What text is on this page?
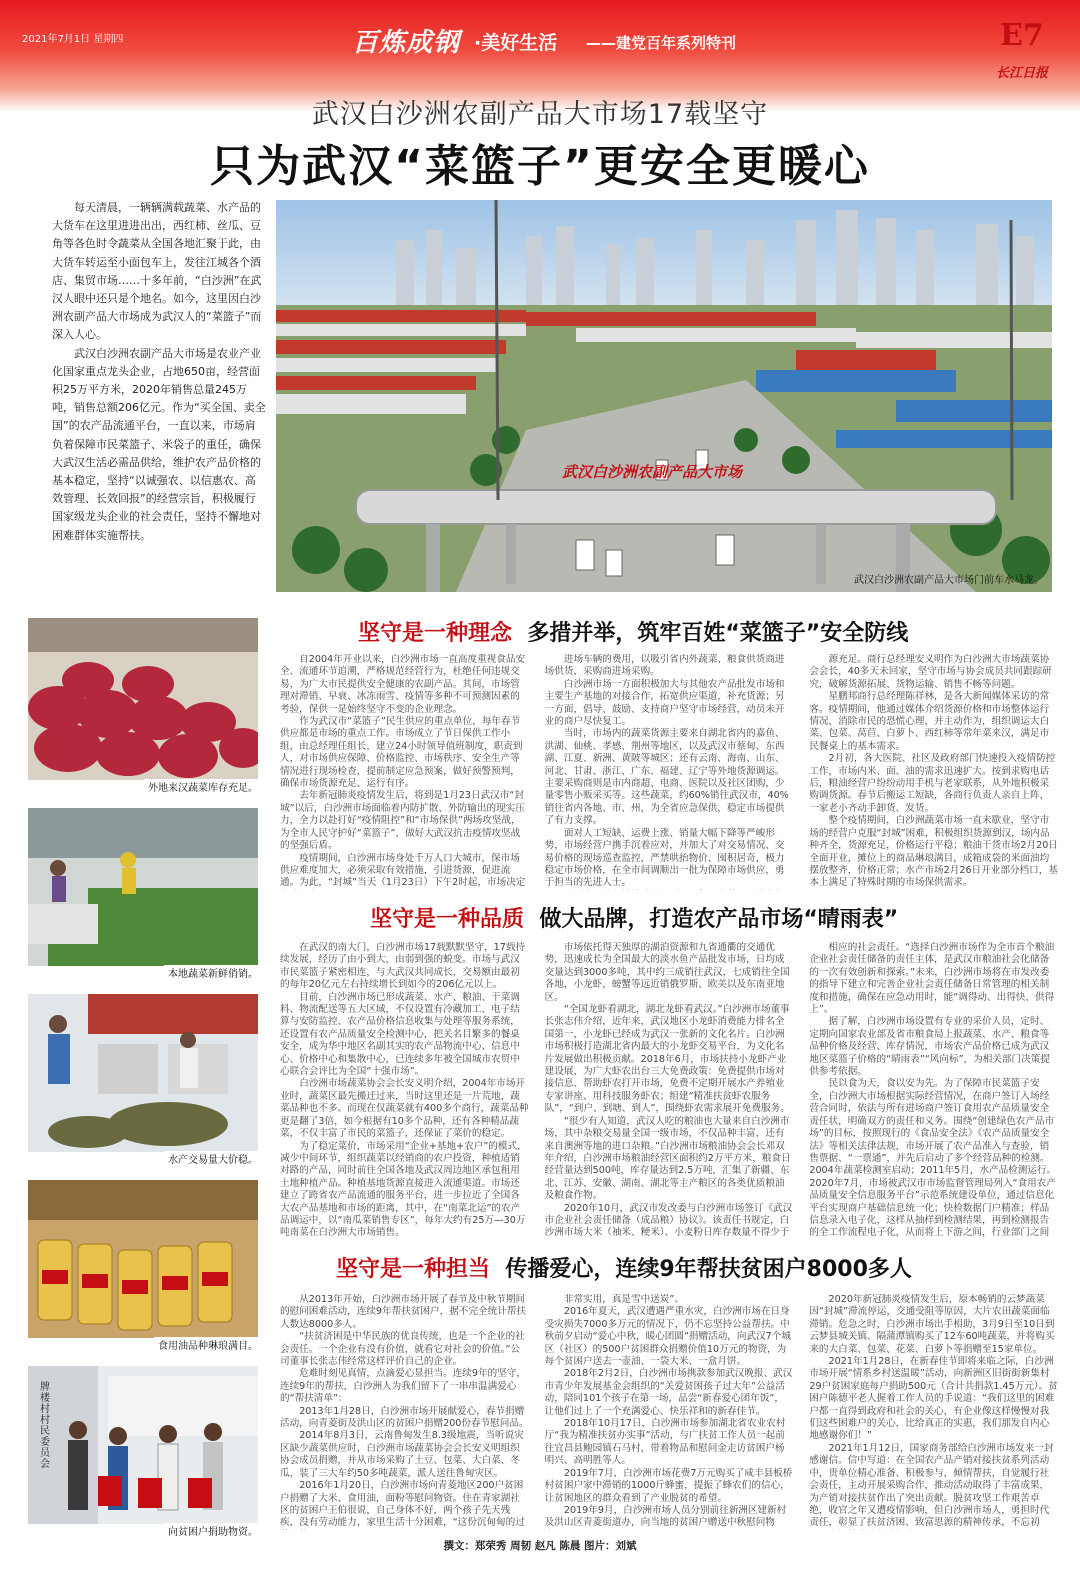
2021年7月1日 星期四	百炼成钢 ·美好生活 ——建党百年系列特刊	E7
长江日报
武汉白沙洲农副产品大市场17载坚守
只为武汉“菜篮子”更安全更暖心

每天清晨，一辆辆满载蔬菜、水产品的大货车在这里进进出出，西红柿、丝瓜、豆角等各色时令蔬菜从全国各地汇聚于此，由大货车转运至小面包车上，发往江城各个酒店、集贸市场……十多年前，“白沙洲”在武汉人眼中还只是个地名。如今，这里因白沙洲农副产品大市场成为武汉人的“菜篮子”而深入人心。

武汉白沙洲农副产品大市场是农业产业化国家重点龙头企业，占地650亩，经营面积25万平方米，2020年销售总量245万吨，销售总额206亿元。作为“买全国、卖全国”的农产品流通平台，一直以来，市场肩负着保障市民菜篮子、米袋子的重任，确保大武汉生活必需品供给，维护农产品价格的基本稳定，坚持“以诚强农、以信惠农、高效管理、长效回报”的经营宗旨，积极履行国家级龙头企业的社会责任，坚持不懈地对困难群体实施帮扶。

武汉白沙洲农副产品大市场
武汉白沙洲农副产品大市场门前车水马龙。
外地来汉蔬菜库存充足。
本地蔬菜新鲜俏销。
水产交易量大价稳。
食用油品种琳琅满目。
牌楼村村民委员会
向贫困户捐助物资。
坚守是一种理念 多措并举，筑牢百姓“菜篮子”安全防线

自2004年开业以来，白沙洲市场一直高度重视食品安全、流通环节追溯，严格规范经营行为，杜绝任何违规交易，为广大市民提供安全健康的农副产品。其间，市场管理对滞销、早衰、冰冻雨雪、疫情等多种不可预测因素的考验，保供一是始终坚守不变的企业理念。

作为武汉市“菜篮子”民生供应的重点单位，每年春节供应都是市场的重点工作。市场成立了节日保供工作小组，由总经理任组长，建立24小时领导值班制度，职责到人，对市场供应保障、价格监控、市场秩序、安全生产等情况进行现场检查，提前制定应急预案，做好预警预判，确保市场货源充足、运行有序。

去年新冠肺炎疫情发生后，将到是1月23日武汉市“封城”以后，白沙洲市场面临着内防扩散、外防输出的现实压力，全力以赴打好“疫情阻控”和“市场保供”两场攻坚战，为全市人民守护好“菜篮子”，做好大武汉抗击疫情攻坚战的坚强后盾。

疫情期间，白沙洲市场身处千万人口大城市，保市场供应难度加大，必须采取有效措施，引进货源，促进流通。为此，“封城”当天（1月23日）下午2时起，市场决定

进场车辆的费用，以吸引省内外蔬菜、粮食供货商进场供货，采购商进场采购。

白沙洲市场一方面积极加大与其他农产品批发市场和主要生产基地的对接合作，拓宽供应渠道，补充货源；另一方面，倡导、鼓励、支持商户坚守市场经营，动员未开业的商户尽快复工。

当时，市场内的蔬菜货源主要来自湖北省内的嘉鱼、洪湖、仙桃、孝感、荆州等地区，以及武汉市蔡甸、东西湖、江夏、新洲、黄陂等城区；还有云南、海南、山东、河北、甘肃、浙江、广东、福建、辽宁等外地货源调运。主要采购商则是市内商超、电商、医院以及社区团购，少量零售小贩采买等。这些蔬菜，约60%销往武汉市，40%销往省内各地、市、州，为全省应急保供，稳定市场提供了有力支撑。

面对人工短缺、运费上涨、销量大幅下降等严峻形势，市场经营户携手沉着应对，并加大了对交易情况、交易价格的现场巡查监控，严禁哄抬物价、囤积居奇，极力稳定市场价格，在全市间调顺出一批为保障市场供应，勇于担当的先进人士。

源充足。商行总经理安义明作为白沙洲大市场蔬菜协会会长，40多天未回家，坚守市场与协会成员共同跟踪研究，破解货源拓展、货物运输、销售不畅等问题。

星鹏邦商行总经理陈祥林，是各大新闻媒体采访的常客。疫情期间，他通过媒体介绍货源价格和市场整体运行情况，消除市民的恐慌心理，并主动作为，组织调运大白菜、包菜、莴苣、白萝卜、西红柿等常年菜来汉，满足市民餐桌上的基本需求。

2月初，各大医院、社区及政府部门快速投入疫情防控工作，市场内米、面、油的需求迅速扩大。按到求购电话后，粮油经营户纷纷动用手机与老家联系，从外地积极采购调货源。春节后搬运工短缺，各商行负责人亲自上阵，一家老小齐动手卸货、发货。

整个疫情期间，白沙洲蔬菜市场一直未歇业，坚守市场的经营户克服“封城”困难，积极组织货源到汉，场内品种齐全，货源充足，价格运行平稳；粮油干货市场2月20日全面开业，摊位上的商品琳琅满目，成箱成袋的米面油均摆放整齐，价格正常；水产市场2月26日开业部分档口，基本上满足了特殊时期的市场保供需求。

坚守是一种品质 做大品牌，打造农产品市场“晴雨表”

在武汉的南大门，白沙洲市场17载默默坚守，17载持续发展，经历了由小到大，由弱到强的蜕变。市场与武汉市民菜篮子紧密相连，与大武汉共同成长，交易额由最初的每年20亿元左右持续增长到如今的206亿元以上。

目前，白沙洲市场已形成蔬菜、水产、粮油、干菜调料、物流配送等五大区域，不仅设置有冷藏加工、电子结算与安防监控、农产品价格信息收集与处理等服务系统，还设置有农产品质量安全检测中心，把关名目繁多的餐桌安全，成为华中地区名副其实的农产品物流中心、信息中心、价格中心和集散中心，已连续多年被全国城市农贸中心联合会评比为全国“十强市场”。

白沙洲市场蔬菜协会会长安义明介绍，2004年市场开业时，蔬菜区最先搬迁过来，当时这里还是一片荒地，蔬菜品种也不多。而现在仅蔬菜就有400多个商行，蔬菜品种更是翻了3倍，如今根据有10多个品种，还有各种精品蔬菜，不仅丰富了市民的菜篮子，还保证了菜价的稳定。

为了稳定菜价，市场采用“企业+基地+农户”的模式，减少中间环节，组织蔬菜以经销商的农户投资，种植适销对路的产品，同时前往全国各地及武汉周边地区承包租用土地种植产品。种植基地货源直接进入流通渠道。市场还建立了跨省农产品流通的服务平台，进一步拉近了全国各大农产品基地和市场的距离，其中，在“南菜北运”的农产品调运中，以“南瓜菜销售专区”，每年大约有25万—30万吨南菜在白沙洲大市场销售。

市场依托得天独厚的湖泊资源和九省通衢的交通优势，迅速成长为全国最大的淡水鱼产品批发市场，日均成交量达到3000多吨，其中约三成销往武汉，七成销往全国各地，小龙虾，螃蟹等远近销俄罗斯、欧美以及东南亚地区。

“全国龙虾看湖北，湖北龙虾看武汉。”白沙洲市场董事长张志伟介绍，近年来，武汉地区小龙虾消费能力排名全国第一，小龙虾已经成为武汉一张新的文化名片。白沙洲市场积极打造湖北省内最大的小龙虾交易平台，为文化名片发展做出积极贡献。2018年6月，市场扶持小龙虾产业建设展，为广大虾农出台三大免费政策：免费提供市场对接信息、帮助虾农打开市场，免费不定期开展水产养殖业专家讲座、用科技服务虾农；组建“精准扶贫虾农服务队”，“到户、到塘、到人”，围绕虾农需求展开免费服务。

“很少有人知道，武汉人吃的粮油也大量来自白沙洲市场，其中杂粮交易量全国一级市场，不仅品种丰富，还有来自澳洲等地的进口杂粮。”白沙洲市场粮油协会会长邓双年介绍，白沙洲市场粮油经营区面积约2万平方米，粮食日经营量达到500吨，库存量达到2.5万吨，汇集了新疆、东北、江苏、安徽、湖南、湖北等主产粮区的各类优质粮油及粮食作物。

2020年10月，武汉市发改委与白沙洲市场签订《武汉市企业社会责任储备（成品粮）协议》。该责任书规定，白沙洲市场大米（袖米、粳米）、小麦粉日库存数量不得少于

相应的社会责任。“选择白沙洲市场作为全市首个粮油企业社会责任储备的责任主体，是武汉市粮油社会化储备的一次有效创新和探索。”未来，白沙洲市场将在市发改委的指导下建立和完善企业社会责任储备日常管理的相关制度和措施，确保在应急动用时，能“调得动、出得快、供得上”。

据了解，白沙洲市场设置有专业的采价人员，定时、定期向国家农业部及省市粮食局上报蔬菜、水产、粮食等品种价格及经营、库存情况，市场农产品价格已成为武汉地区菜篮子价格的“晴雨表”“风向标”，为相关部门决策提供参考依据。

民以食为天，食以安为先。为了保障市民菜篮子安全，白沙洲大市场根据实际经营情况，在商户签订入场经营合同时，依法与所有进场商户签订食用农产品质量安全责任状，明确双方的责任和义务。围绕“创建绿色农产品市场”的目标，按照现行的《食品安全法》《农产品质量安全法》等相关法律法规，市场开展了农产品准入与查验，销售票据、“一票通”，并先后启动了多个经营品种的检测。2004年蔬菜检测室启动；2011年5月，水产品检测运行。2020年7月，市场被武汉市市场监督管理局列入“食用农产品质量安全信息服务平台”示范系统建设单位，通过信息化平台实现商户基础信息统一化；快检数据门户精准；样品信息录入电子化，这样从抽样到检测结果，再到检测报告的全工作流程电子化，从而将上下游之间，行业部门之间

坚守是一种担当 传播爱心，连续9年帮扶贫困户8000多人

从2013年开始，白沙洲市场开展了春节及中秋节期间的慰问困难活动，连续9年帮扶贫困户，据不完全统计帮扶人数达8000多人。

“扶贫济困是中华民族的优良传统，也是一个企业的社会责任。一个企业有没有价值，就看它对社会的价值。”公司董事长张志伟经常这样评价自己的企业。

危难时刻见真情，点滴爱心显担当。连续9年的坚守，连续9年的帮扶，白沙洲人为我们留下了一串串温满爱心的“帮扶清单”：

2013年1月28日，白沙洲市场开展献爱心，春节捐赠活动，向青菱街及洪山区的贫困户捐赠200份春节慰问品。

2014年8月3日，云南鲁甸发生8.3级地震，当听说灾区缺少蔬菜供应时，白沙洲市场蔬菜协会会长安义明组织协会成员捐赠，并从市场采购了土豆、包菜、大白菜、冬瓜，装了三大车约50多吨蔬菜，派人送往鲁甸灾区。

2016年1月20日，白沙洲市场向青菱地区200户贫困户捐赠了大米、食用油，面粉等慰问物资。住在青家湖社区的贫困户王伯很说，自己身体不好，两个孩子先天残疾，没有劳动能力，家里生活十分困难，“这份沉甸甸的过

非常实用，真是雪中送炭”。

2016年夏天，武汉遭遇严重水灾，白沙洲市场在日身受灾损失7000多万元的情况下，仍不忘坚持公益帮扶。中秋前夕启动“爱心中秋，暖心团圆”捐赠活动，向武汉7个城区（社区）的500户贫困群众捐赠价值10万元的物资，为每个贫困户送去一壶油、一袋大米、一盒月饼。

2018年2月2日，白沙洲市场携款参加武汉晚报、武汉市青少年发展基金会组织的“关爱贫困孩子过大年”公益活动，陪同101个孩子在第一场，品尝“新春爱心团年饭”，让他们过上了一个充满爱心、快乐祥和的新春佳节。

2018年10月17日，白沙洲市场参加湖北省农业农村厅“我为精准扶贫办实事”活动，与广扶贫工作人员一起前往宜昌县鲍园镇石马村，带着物品和慰问金走访贫困户杨明兴、高明胜等人。

2019年7月，白沙洲市场花费7万元购买了咸丰县板桥村贫困户家中滞销的1000斤蜂蜜，提振了蜂农们的信心，让贫困地区的群众看到了产业脱贫的希望。

2019年9月，白沙洲市场人员分别前往新洲区建新村及洪山区青菱街道办，向当地的贫困户赠送中秋慰问物

2020年新冠肺炎疫情发生后，原本畅销的云梦蔬菜因“封城”滞流停运，交通受阻等原因，大片农田蔬菜面临滞销。危急之时，白沙洲市场出手相助，3月9日至10日到云梦县城关镇、隔蒲潭镇购买了12车60吨蔬菜，并将购买来的大白菜、包菜、花菜、白萝卜等捐赠至15家单位。

2021年1月28日，在新春佳节即将来临之际，白沙洲市场开展“情系乡村送温暖”活动，向新洲区旧街街新集村29户贫困家庭每户捐助500元（合计共捐款1.45万元）。贫困户陈德平老人握着工作人员的手说道：“我们这里的困难户都一直得到政府和社会的关心，有企业像这样慢慢对我们这些困难户的关心，比给真正的实惠，我们那发自内心地感谢你们！”

2021年1月12日，国家商务部给白沙洲市场发来一封感谢信。信中写道：在全国农产品产销对接扶贫系列活动中，贵单位精心准备、积极参与，倾情帮扶，自觉履行社会责任，主动开展采购合作，推动活动取得了丰富成果，为产销对接扶贫作出了突出贡献。脱贫攻坚工作艰苦卓绝，收官之年又遭疫情影响，但白沙洲市场人，勇担时代责任，彰显了扶贫济困、致富思源的精神传承，不忘初

撰文：郑荣秀 周韧 赵凡 陈晨 图片：刘斌
